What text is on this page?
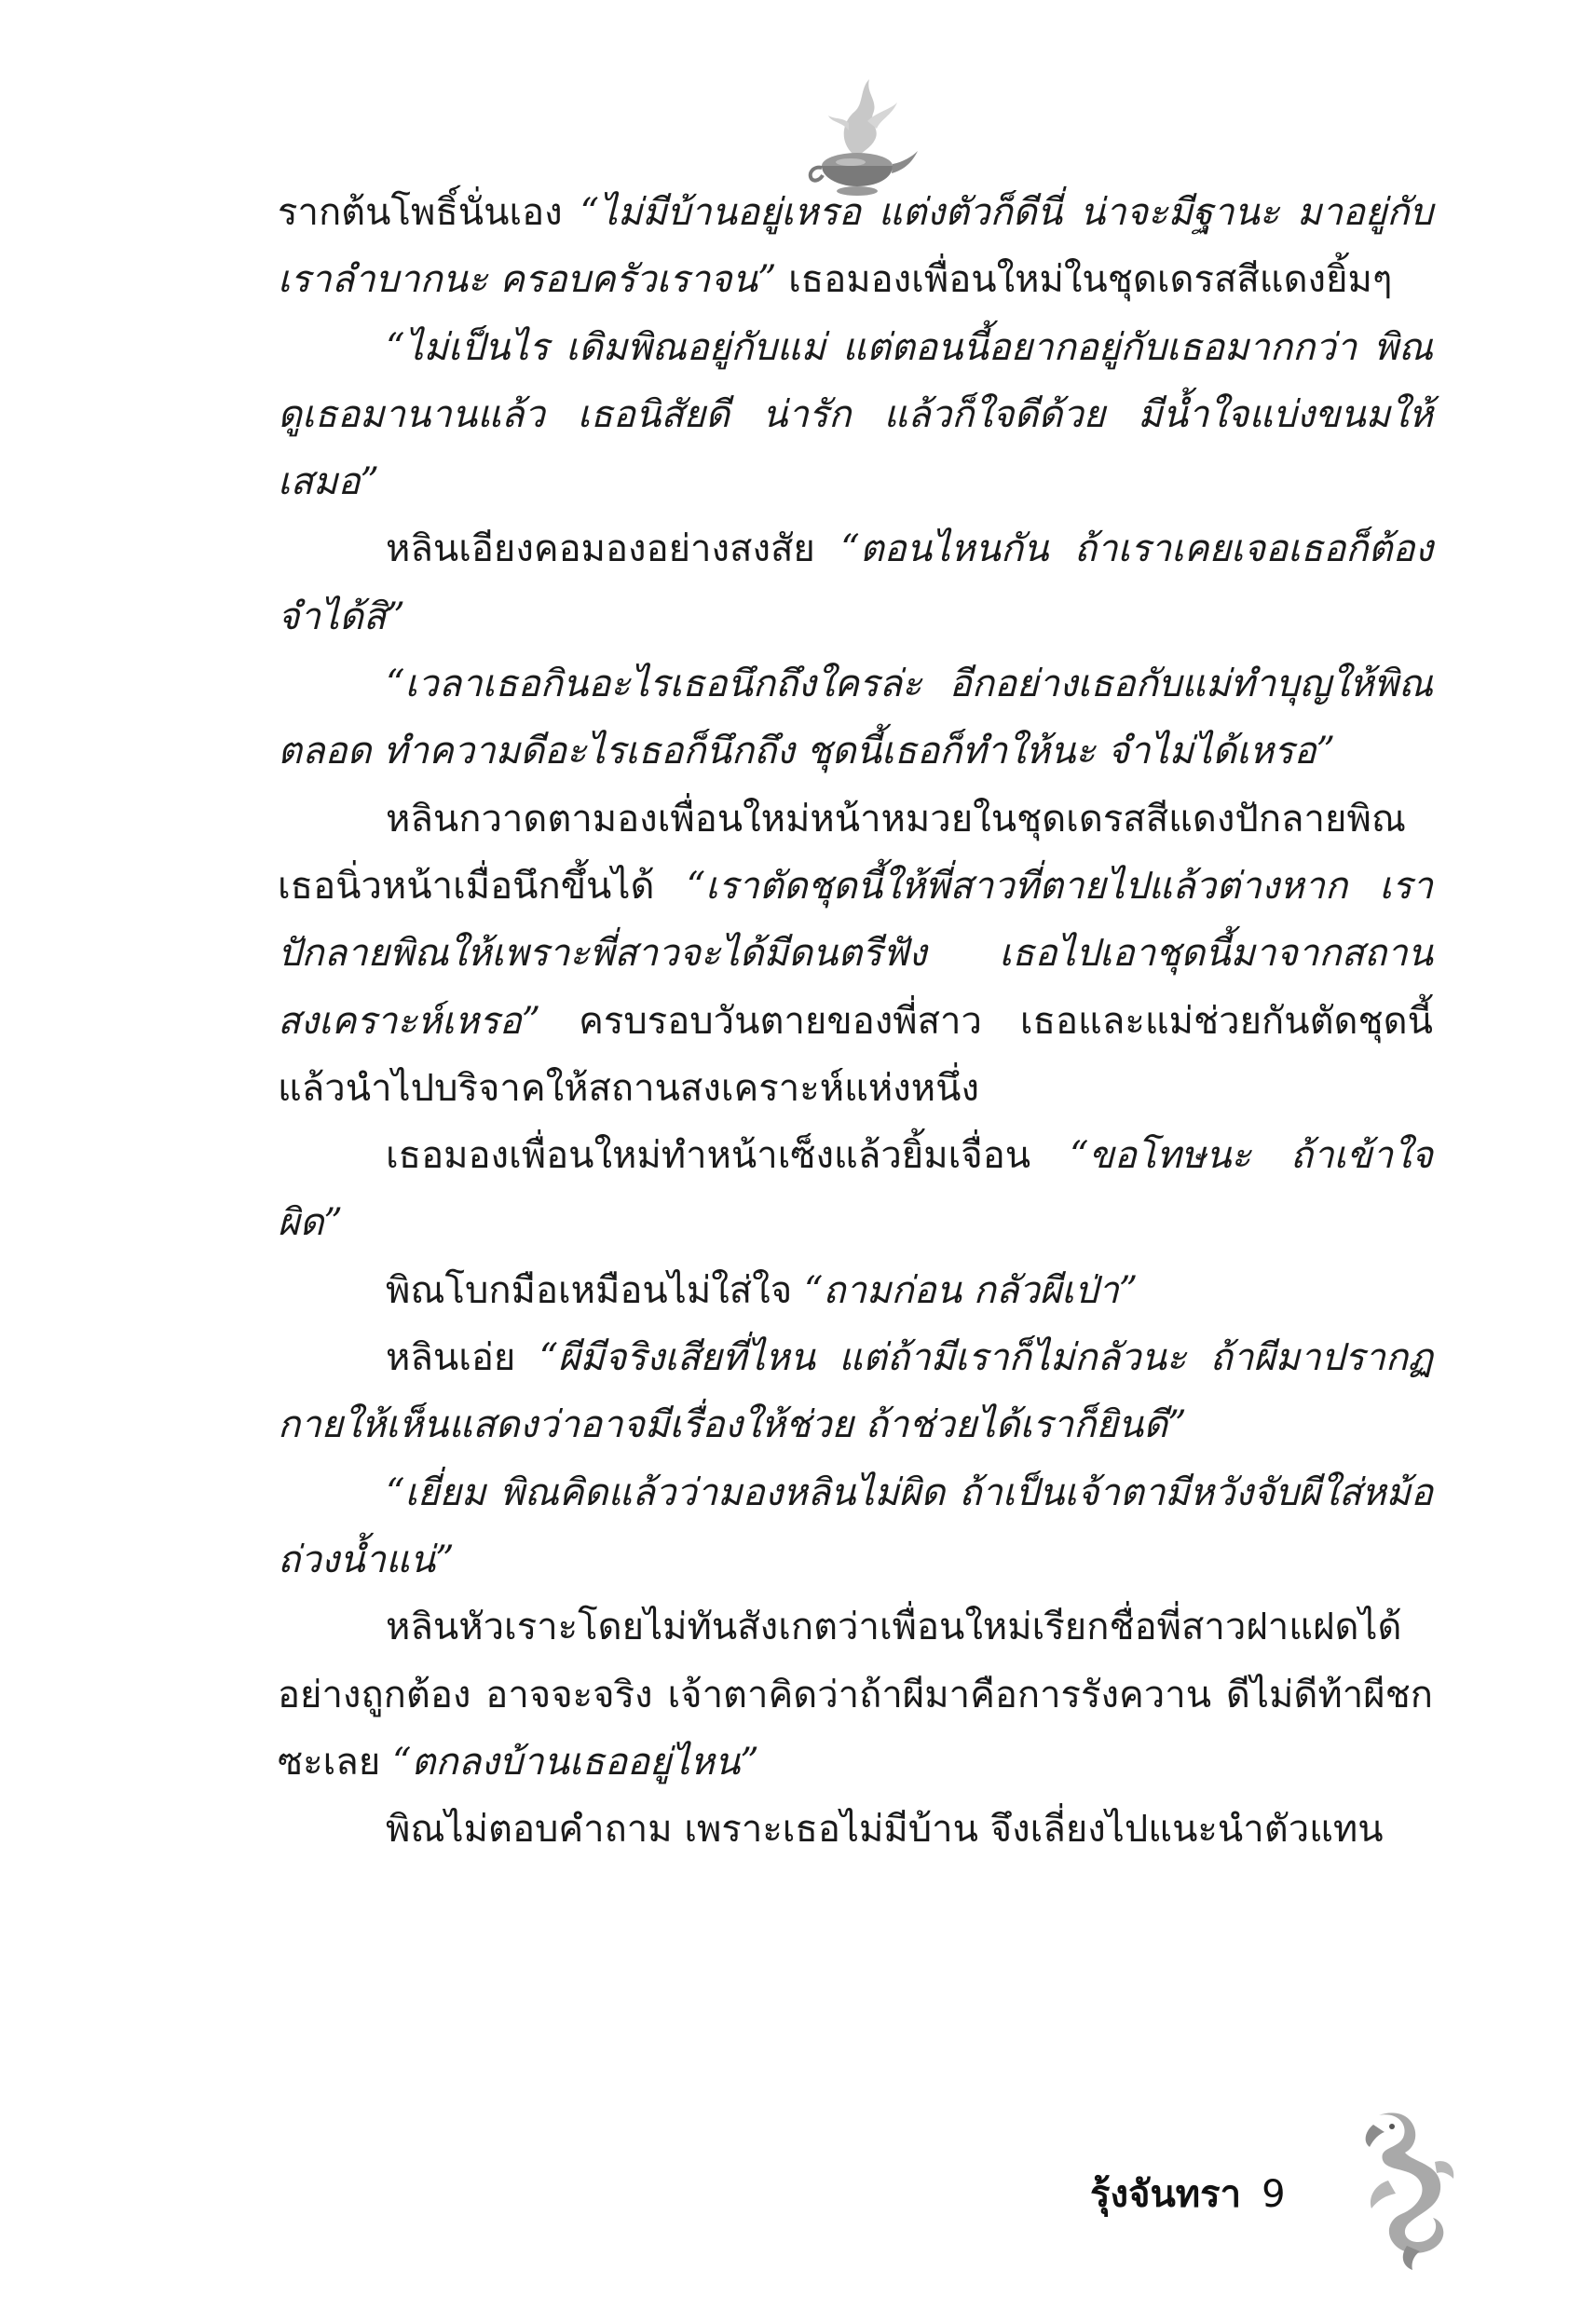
รากต้นโพธิ์นั่นเอง “ไม่มีบ้านอยู่เหรอ แต่งตัวก็ดีนี่ น่าจะมีฐานะ มาอยู่กับเราลำบากนะ ครอบครัวเราจน” เธอมองเพื่อนใหม่ในชุดเดรสสีแดงยิ้มๆ

“ไม่เป็นไร เดิมพิณอยู่กับแม่ แต่ตอนนี้อยากอยู่กับเธอมากกว่า พิณดูเธอมานานแล้ว เธอนิสัยดี น่ารัก แล้วก็ใจดีด้วย มีน้ำใจแบ่งขนมให้เสมอ”

หลินเอียงคอมองอย่างสงสัย “ตอนไหนกัน ถ้าเราเคยเจอเธอก็ต้องจำได้สิ”

“เวลาเธอกินอะไรเธอนึกถึงใครล่ะ อีกอย่างเธอกับแม่ทำบุญให้พิณตลอด ทำความดีอะไรเธอก็นึกถึง ชุดนี้เธอก็ทำให้นะ จำไม่ได้เหรอ”

หลินกวาดตามองเพื่อนใหม่หน้าหมวยในชุดเดรสสีแดงปักลายพิณ เธอนิ่วหน้าเมื่อนึกขึ้นได้ “เราตัดชุดนี้ให้พี่สาวที่ตายไปแล้วต่างหาก เราปักลายพิณให้เพราะพี่สาวจะได้มีดนตรีฟัง เธอไปเอาชุดนี้มาจากสถานสงเคราะห์เหรอ” ครบรอบวันตายของพี่สาว เธอและแม่ช่วยกันตัดชุดนี้แล้วนำไปบริจาคให้สถานสงเคราะห์แห่งหนึ่ง

เธอมองเพื่อนใหม่ทำหน้าเซ็งแล้วยิ้มเจื่อน “ขอโทษนะ ถ้าเข้าใจผิด”

พิณโบกมือเหมือนไม่ใส่ใจ “ถามก่อน กลัวผีเป่า”

หลินเอ่ย “ผีมีจริงเสียที่ไหน แต่ถ้ามีเราก็ไม่กลัวนะ ถ้าผีมาปรากฏกายให้เห็นแสดงว่าอาจมีเรื่องให้ช่วย ถ้าช่วยได้เราก็ยินดี”

“เยี่ยม พิณคิดแล้วว่ามองหลินไม่ผิด ถ้าเป็นเจ้าตามีหวังจับผีใส่หม้อถ่วงน้ำแน่”

หลินหัวเราะโดยไม่ทันสังเกตว่าเพื่อนใหม่เรียกชื่อพี่สาวฝาแฝดได้อย่างถูกต้อง อาจจะจริง เจ้าตาคิดว่าถ้าผีมาคือการรังควาน ดีไม่ดีท้าผีชกซะเลย “ตกลงบ้านเธออยู่ไหน”

พิณไม่ตอบคำถาม เพราะเธอไม่มีบ้าน จึงเลี่ยงไปแนะนำตัวแทน

รุ้งจันทรา 9
